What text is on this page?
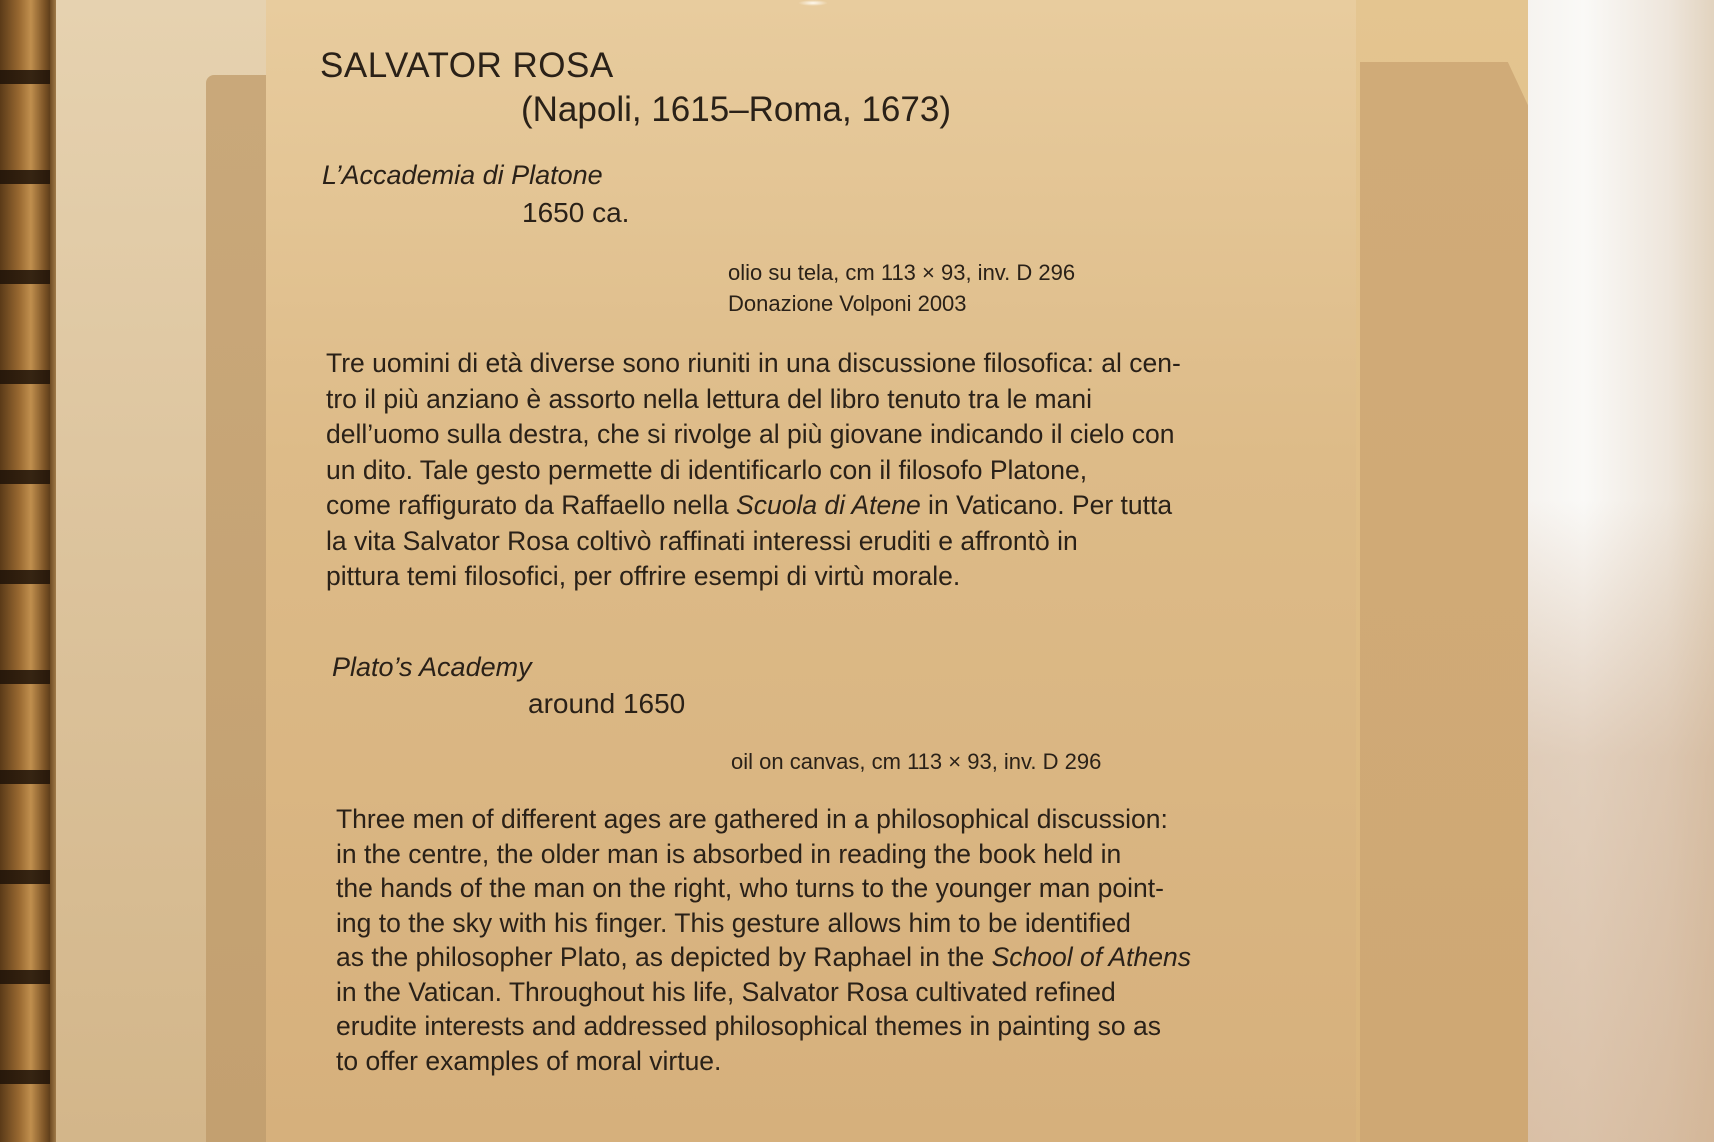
SALVATOR ROSA
(Napoli, 1615–Roma, 1673)
L’Accademia di Platone
1650 ca.
olio su tela, cm 113 × 93, inv. D 296
Donazione Volponi 2003
Tre uomini di età diverse sono riuniti in una discussione filosofica: al cen-
tro il più anziano è assorto nella lettura del libro tenuto tra le mani
dell’uomo sulla destra, che si rivolge al più giovane indicando il cielo con
un dito. Tale gesto permette di identificarlo con il filosofo Platone,
come raffigurato da Raffaello nella Scuola di Atene in Vaticano. Per tutta
la vita Salvator Rosa coltivò raffinati interessi eruditi e affrontò in
pittura temi filosofici, per offrire esempi di virtù morale.
Plato’s Academy
around 1650
oil on canvas, cm 113 × 93, inv. D 296
Three men of different ages are gathered in a philosophical discussion:
in the centre, the older man is absorbed in reading the book held in
the hands of the man on the right, who turns to the younger man point-
ing to the sky with his finger. This gesture allows him to be identified
as the philosopher Plato, as depicted by Raphael in the School of Athens
in the Vatican. Throughout his life, Salvator Rosa cultivated refined
erudite interests and addressed philosophical themes in painting so as
to offer examples of moral virtue.
